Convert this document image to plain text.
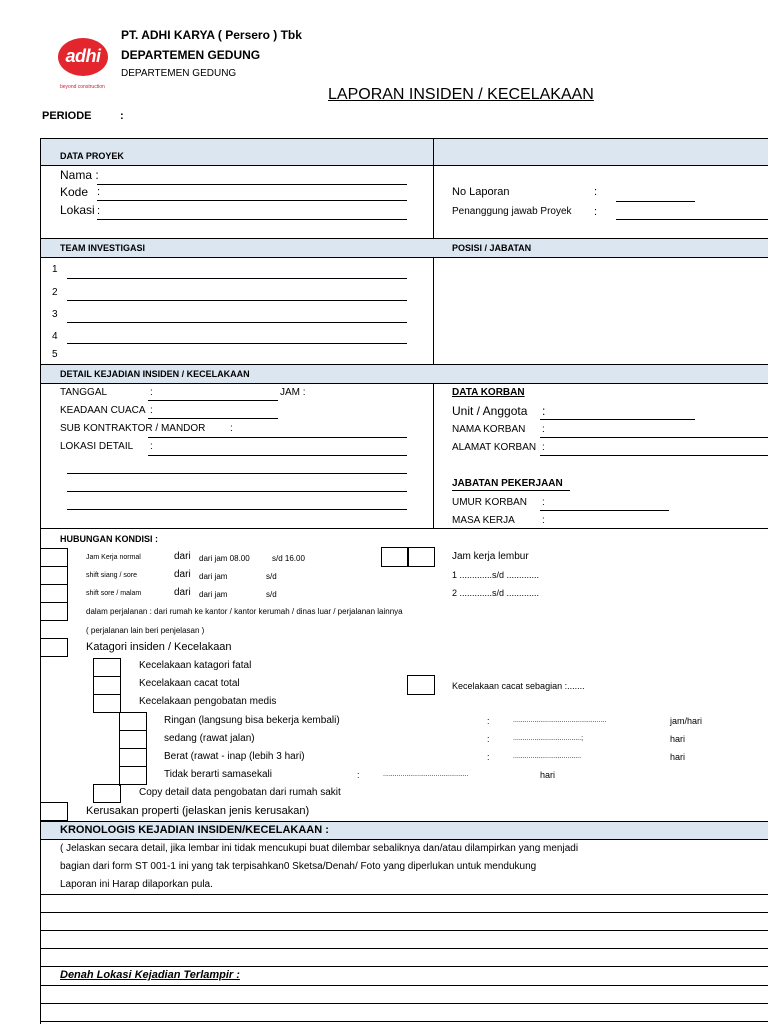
adhi
beyond construction
PT. ADHI KARYA ( Persero ) Tbk
DEPARTEMEN GEDUNG
DEPARTEMEN GEDUNG
LAPORAN INSIDEN / KECELAKAAN
PERIODE	:
DATA PROYEK
Nama :
Kode :
Lokasi :
No Laporan	:
Penanggung jawab Proyek :
TEAM INVESTIGASI	POSISI / JABATAN
1
2
3
4
5
DETAIL KEJADIAN INSIDEN / KECELAKAAN
TANGGAL	:	JAM :
KEADAAN CUACA :
SUB KONTRAKTOR / MANDOR :
LOKASI DETAIL :
DATA KORBAN
Unit / Anggota :
NAMA KORBAN :
ALAMAT KORBAN :
JABATAN PEKERJAAN
UMUR KORBAN :
MASA KERJA	:
HUBUNGAN KONDISI :
Jam Kerja normal	dari dari jam 08.00	s/d 16.00
shift siang / sore	dari dari jam	s/d
shift sore / malam	dari dari jam	s/d
Jam kerja lembur
1 .............s/d .............
2 .............s/d .............
dalam perjalanan : dari rumah ke kantor / kantor kerumah / dinas luar / perjalanan lainnya
( perjalanan lain beri penjelasan )
Katagori insiden / Kecelakaan
Kecelakaan katagori fatal
Kecelakaan cacat total	Kecelakaan cacat sebagian :.......
Kecelakaan pengobatan medis
Ringan (langsung bisa bekerja kembali)	:	................................................	jam/hari
sedang (rawat jalan)	:	...................................;	hari
Berat (rawat - inap (lebih 3 hari)	:	...................................	hari
Tidak berarti samasekali	:	............................................	hari
Copy detail data pengobatan dari rumah sakit
Kerusakan properti (jelaskan jenis kerusakan)
KRONOLOGIS KEJADIAN INSIDEN/KECELAKAAN :
( Jelaskan secara detail, jika lembar ini tidak mencukupi buat dilembar sebaliknya dan/atau dilampirkan yang menjadi
bagian dari form ST 001-1 ini yang tak terpisahkan0 Sketsa/Denah/ Foto yang diperlukan untuk mendukung
Laporan ini Harap dilaporkan pula.
Denah Lokasi Kejadian Terlampir :
